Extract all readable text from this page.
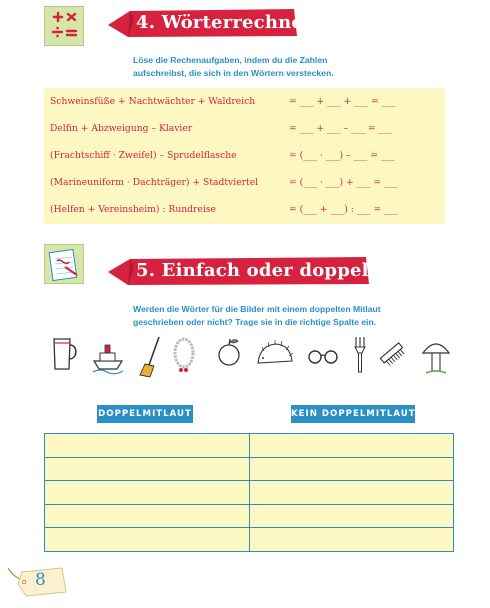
4. Wörterrechnen
Löse die Rechenaufgaben, indem du die Zahlen
aufschreibst, die sich in den Wörtern verstecken.
Schweinsfüße + Nachtwächter + Waldreich	= ___ + ___ + ___ = ___
Delfin + Abzweigung – Klavier	= ___ + ___ – ___ = ___
(Frachtschiff · Zweifel) – Sprudelflasche	= (___ · ___) – ___ = ___
(Marineuniform · Dachträger) + Stadtviertel	= (___ · ___) + ___ = ___
(Helfen + Vereinsheim) : Rundreise	= (___ + ___) : ___ = ___
5. Einfach oder doppelt?
Werden die Wörter für die Bilder mit einem doppelten Mitlaut
geschrieben oder nicht? Trage sie in die richtige Spalte ein.
DOPPELMITLAUT	KEIN DOPPELMITLAUT
8
